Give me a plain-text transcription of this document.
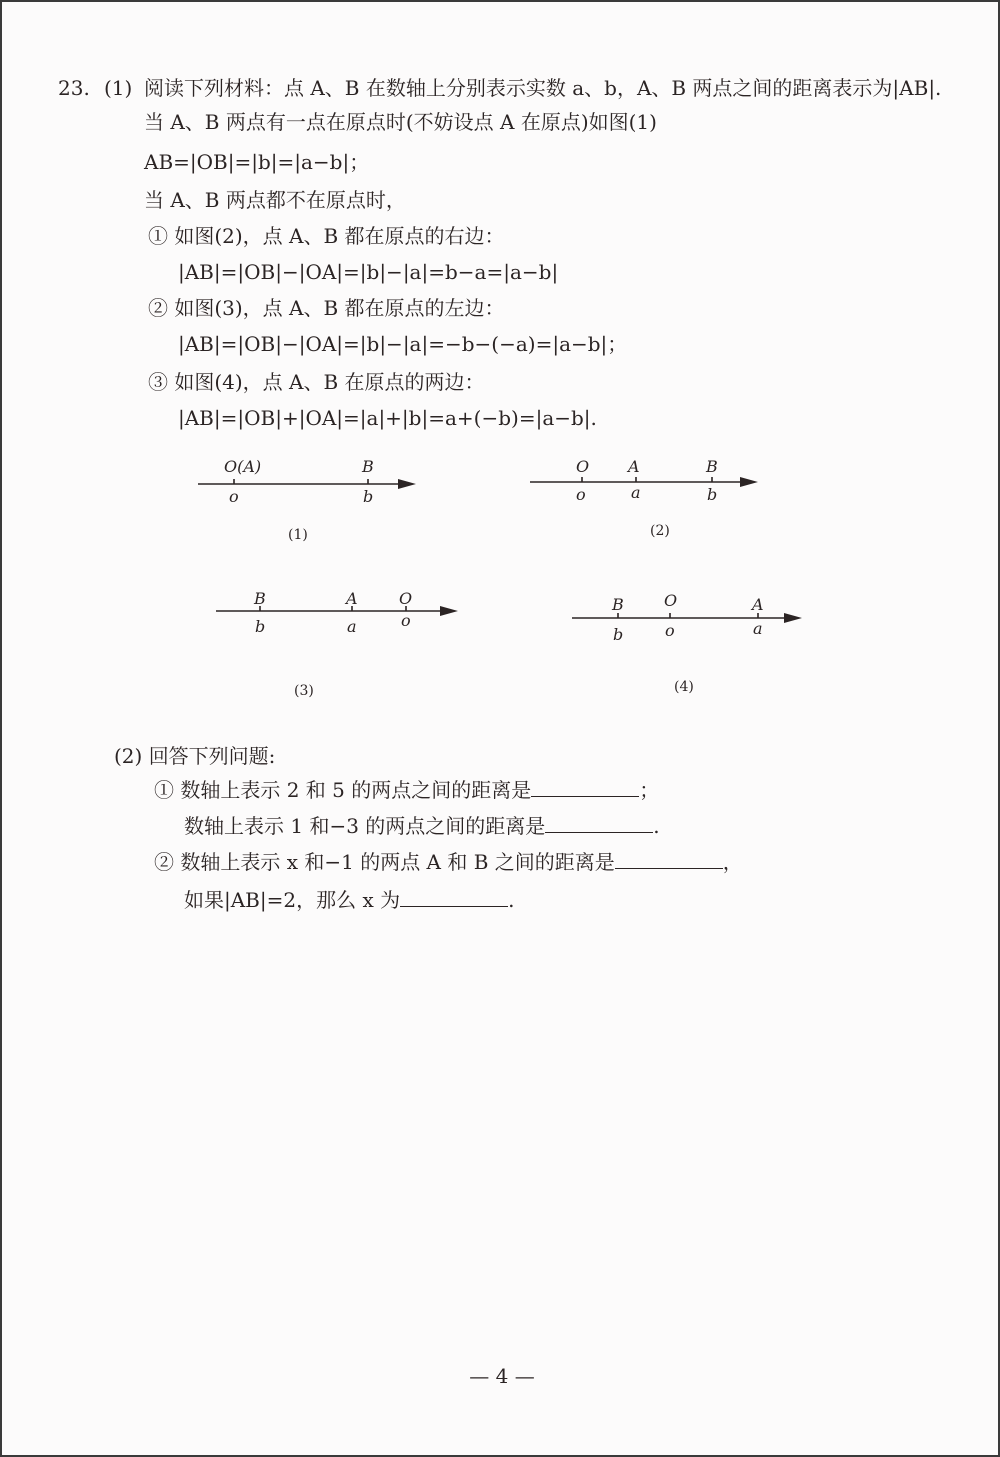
23. (1) 阅读下列材料：点 A、B 在数轴上分别表示实数 a、b，A、B 两点之间的距离表示为|AB|.
当 A、B 两点有一点在原点时(不妨设点 A 在原点)如图(1)
AB=|OB|=|b|=|a−b|；
当 A、B 两点都不在原点时，
① 如图(2)，点 A、B 都在原点的右边：
|AB|=|OB|−|OA|=|b|−|a|=b−a=|a−b|
② 如图(3)，点 A、B 都在原点的左边：
|AB|=|OB|−|OA|=|b|−|a|=−b−(−a)=|a−b|；
③ 如图(4)，点 A、B 在原点的两边：
|AB|=|OB|+|OA|=|a|+|b|=a+(−b)=|a−b|.
O(A)	B
o	b
(1)
O A	B
o	a	b
(2)
B	A	O
b	a	o
(3)
B	O	A
b	o	a
(4)
(2) 回答下列问题:
① 数轴上表示 2 和 5 的两点之间的距离是	；
数轴上表示 1 和−3 的两点之间的距离是	.
② 数轴上表示 x 和−1 的两点 A 和 B 之间的距离是	，
如果|AB|=2，那么 x 为	.
— 4 —
